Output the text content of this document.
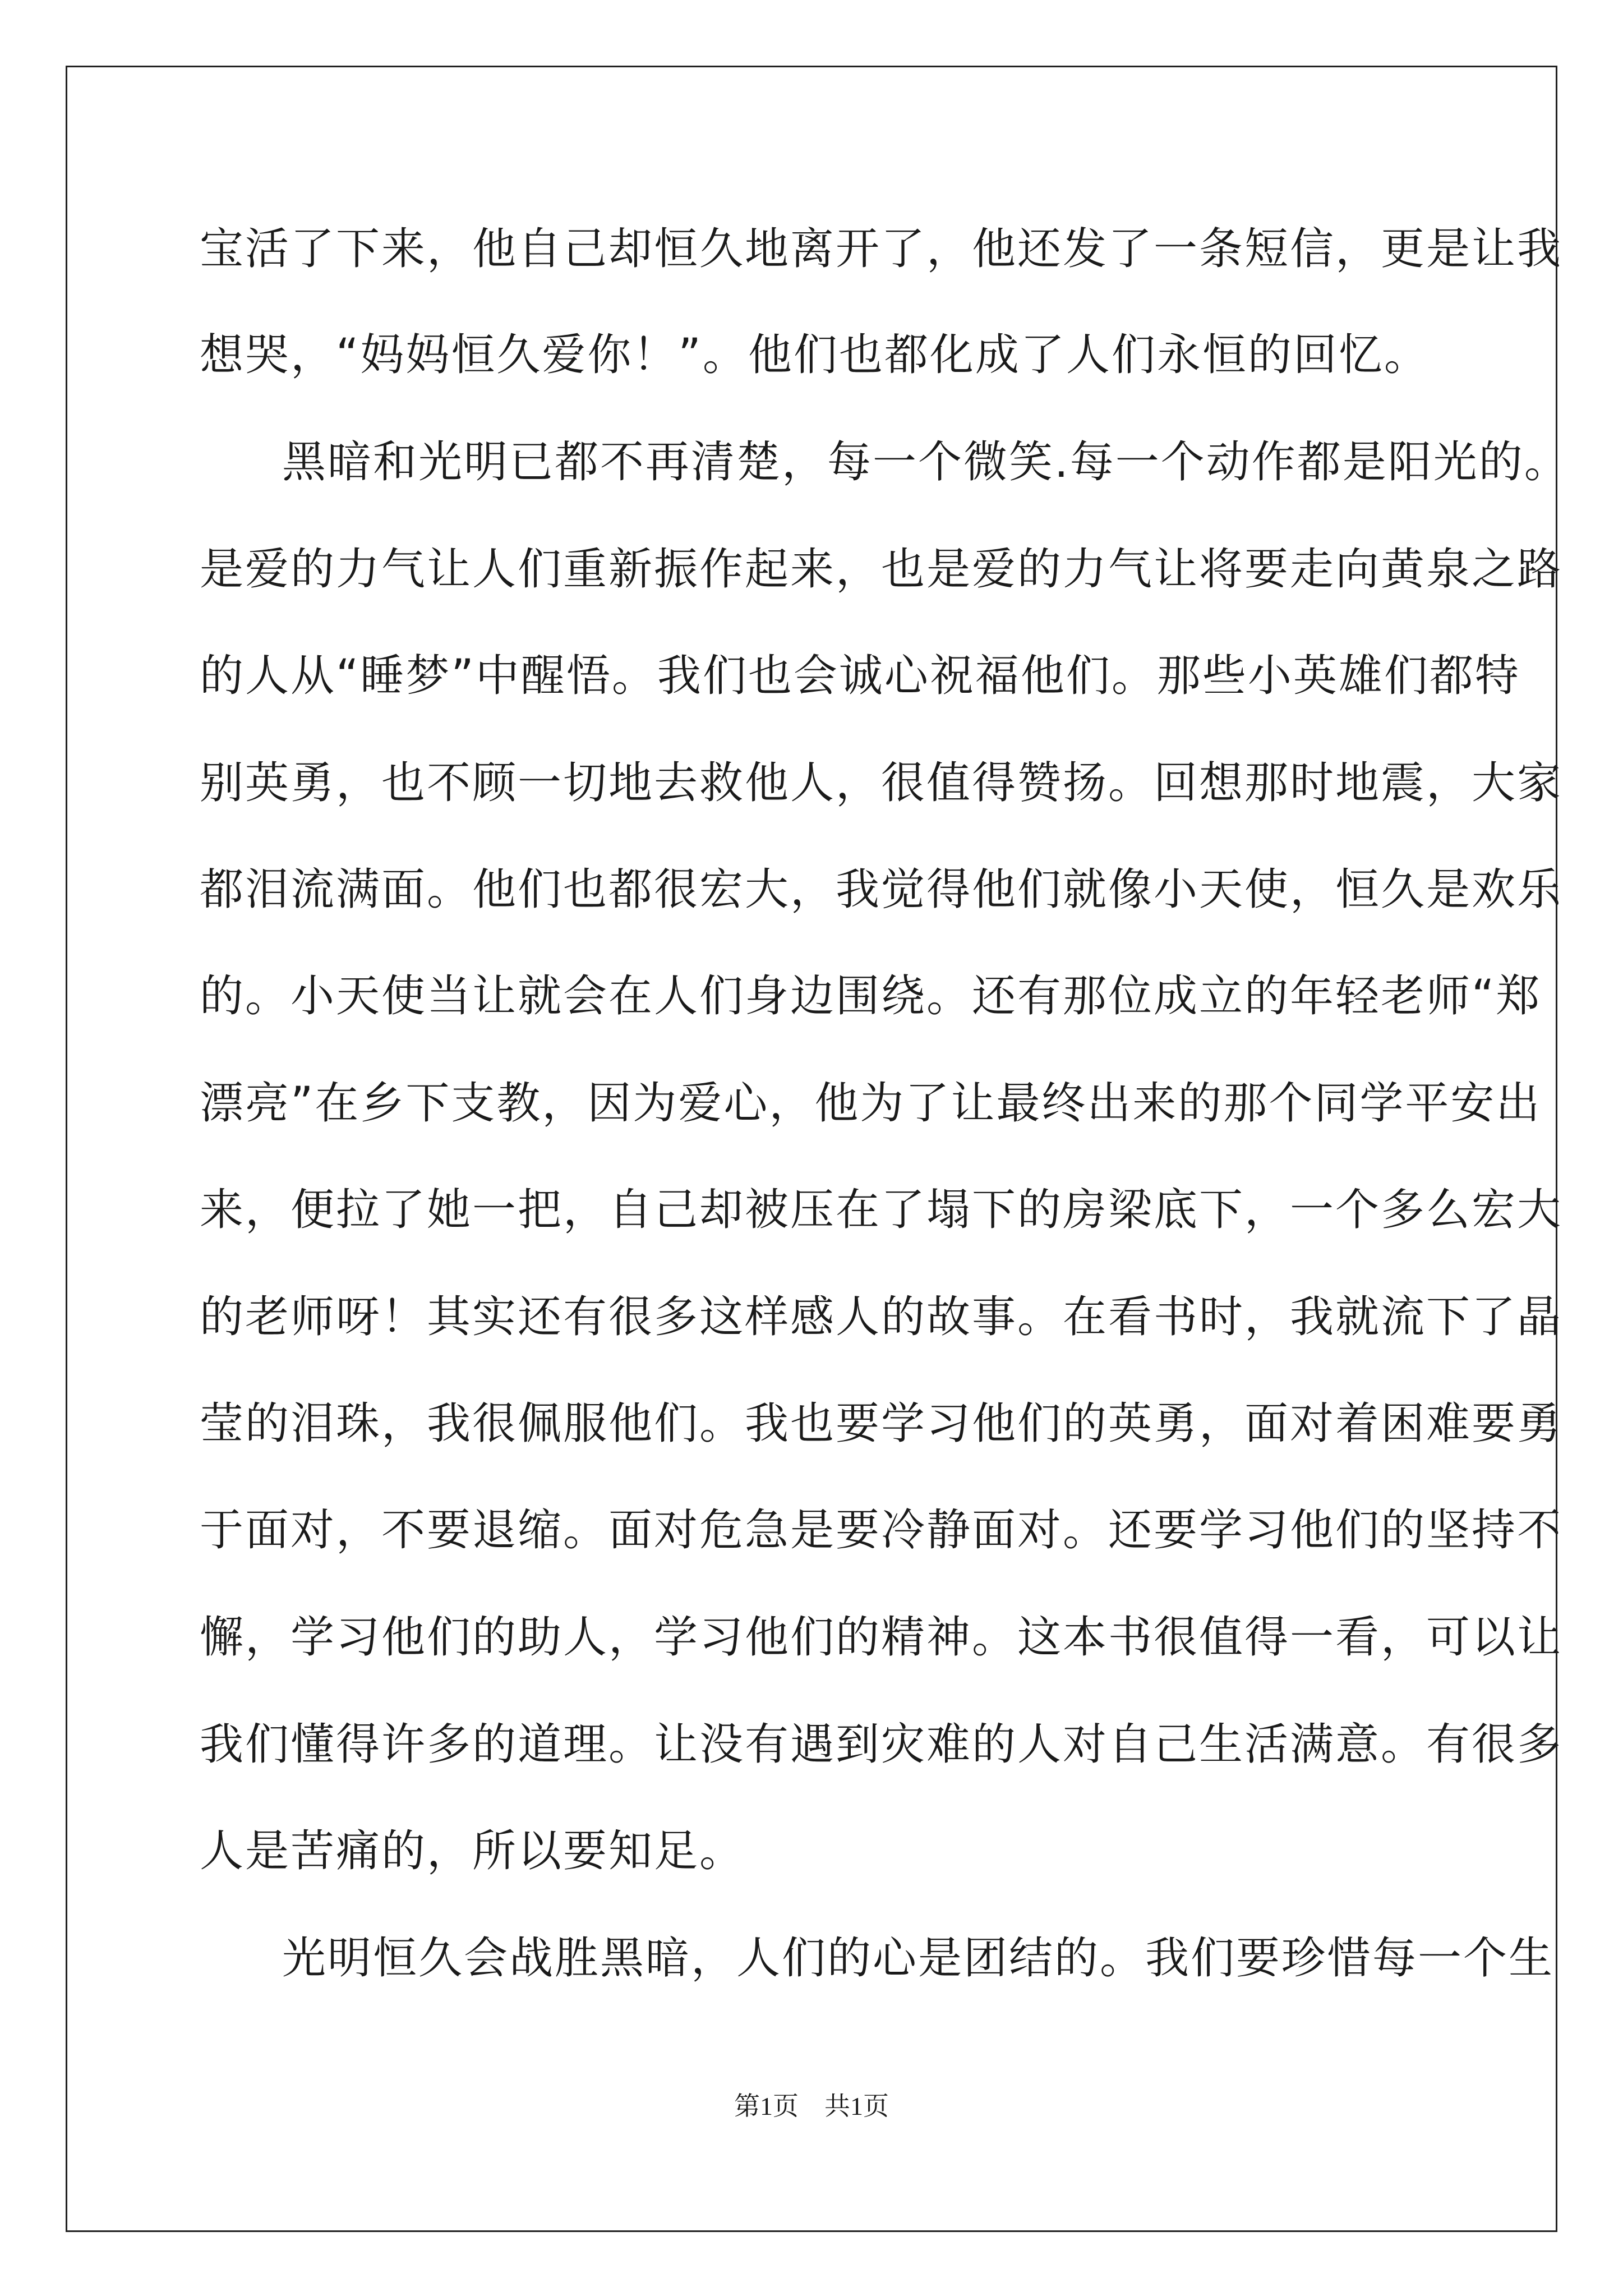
宝活了下来，他自己却恒久地离开了，他还发了一条短信，更是让我
想哭，“妈妈恒久爱你！”。他们也都化成了人们永恒的回忆。
黑暗和光明已都不再清楚，每一个微笑.每一个动作都是阳光的。
是爱的力气让人们重新振作起来，也是爱的力气让将要走向黄泉之路
的人从“睡梦”中醒悟。我们也会诚心祝福他们。那些小英雄们都特
别英勇，也不顾一切地去救他人，很值得赞扬。回想那时地震，大家
都泪流满面。他们也都很宏大，我觉得他们就像小天使，恒久是欢乐
的。小天使当让就会在人们身边围绕。还有那位成立的年轻老师“郑
漂亮”在乡下支教，因为爱心，他为了让最终出来的那个同学平安出
来，便拉了她一把，自己却被压在了塌下的房梁底下，一个多么宏大
的老师呀！其实还有很多这样感人的故事。在看书时，我就流下了晶
莹的泪珠，我很佩服他们。我也要学习他们的英勇，面对着困难要勇
于面对，不要退缩。面对危急是要冷静面对。还要学习他们的坚持不
懈，学习他们的助人，学习他们的精神。这本书很值得一看，可以让
我们懂得许多的道理。让没有遇到灾难的人对自己生活满意。有很多
人是苦痛的，所以要知足。
光明恒久会战胜黑暗，人们的心是团结的。我们要珍惜每一个生
第1页　共1页
